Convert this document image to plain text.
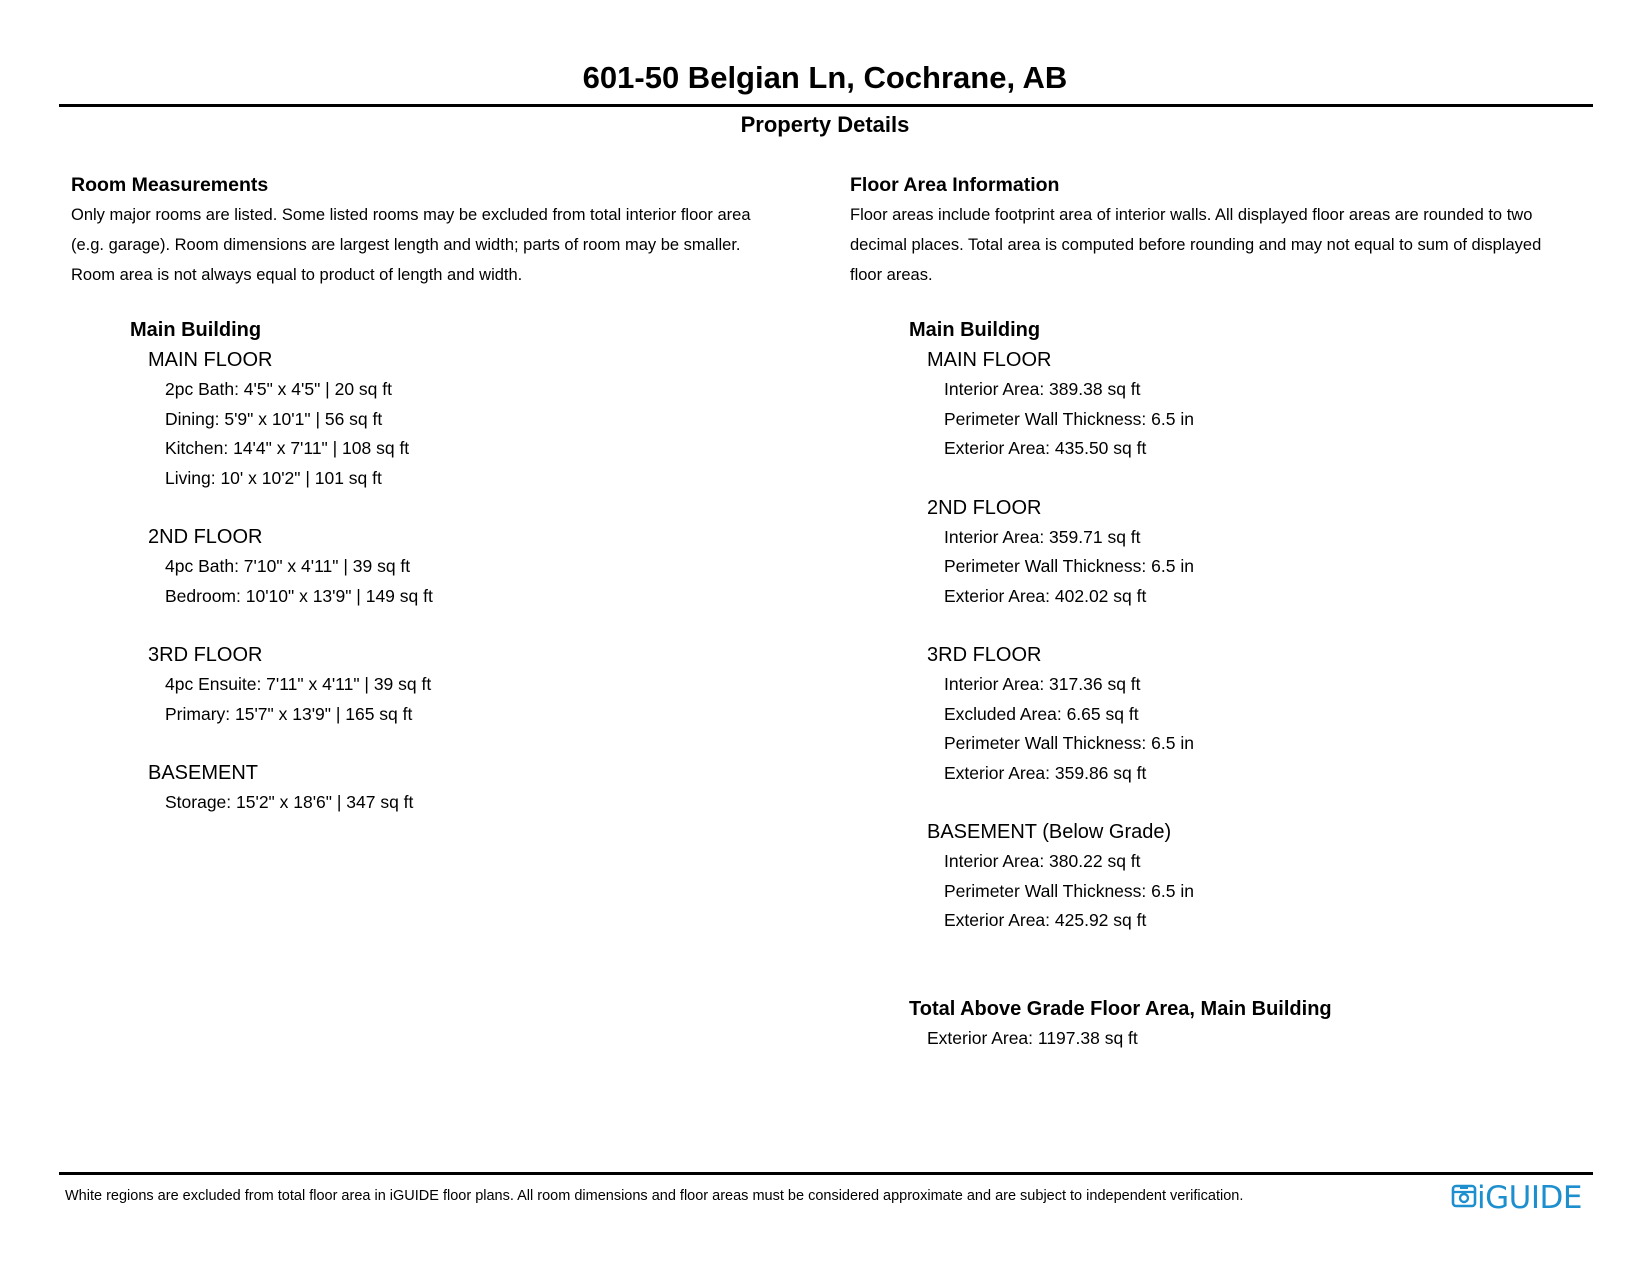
601-50 Belgian Ln, Cochrane, AB
Property Details
Room Measurements
Only major rooms are listed. Some listed rooms may be excluded from total interior floor area
(e.g. garage). Room dimensions are largest length and width; parts of room may be smaller.
Room area is not always equal to product of length and width.
Main Building
MAIN FLOOR
2pc Bath: 4'5" x 4'5" | 20 sq ft
Dining: 5'9" x 10'1" | 56 sq ft
Kitchen: 14'4" x 7'11" | 108 sq ft
Living: 10' x 10'2" | 101 sq ft
2ND FLOOR
4pc Bath: 7'10" x 4'11" | 39 sq ft
Bedroom: 10'10" x 13'9" | 149 sq ft
3RD FLOOR
4pc Ensuite: 7'11" x 4'11" | 39 sq ft
Primary: 15'7" x 13'9" | 165 sq ft
BASEMENT
Storage: 15'2" x 18'6" | 347 sq ft
Floor Area Information
Floor areas include footprint area of interior walls. All displayed floor areas are rounded to two
decimal places. Total area is computed before rounding and may not equal to sum of displayed
floor areas.
Main Building
MAIN FLOOR
Interior Area: 389.38 sq ft
Perimeter Wall Thickness: 6.5 in
Exterior Area: 435.50 sq ft
2ND FLOOR
Interior Area: 359.71 sq ft
Perimeter Wall Thickness: 6.5 in
Exterior Area: 402.02 sq ft
3RD FLOOR
Interior Area: 317.36 sq ft
Excluded Area: 6.65 sq ft
Perimeter Wall Thickness: 6.5 in
Exterior Area: 359.86 sq ft
BASEMENT (Below Grade)
Interior Area: 380.22 sq ft
Perimeter Wall Thickness: 6.5 in
Exterior Area: 425.92 sq ft
Total Above Grade Floor Area, Main Building
Exterior Area: 1197.38 sq ft
White regions are excluded from total floor area in iGUIDE floor plans. All room dimensions and floor areas must be considered approximate and are subject to independent verification.	iGUIDE
